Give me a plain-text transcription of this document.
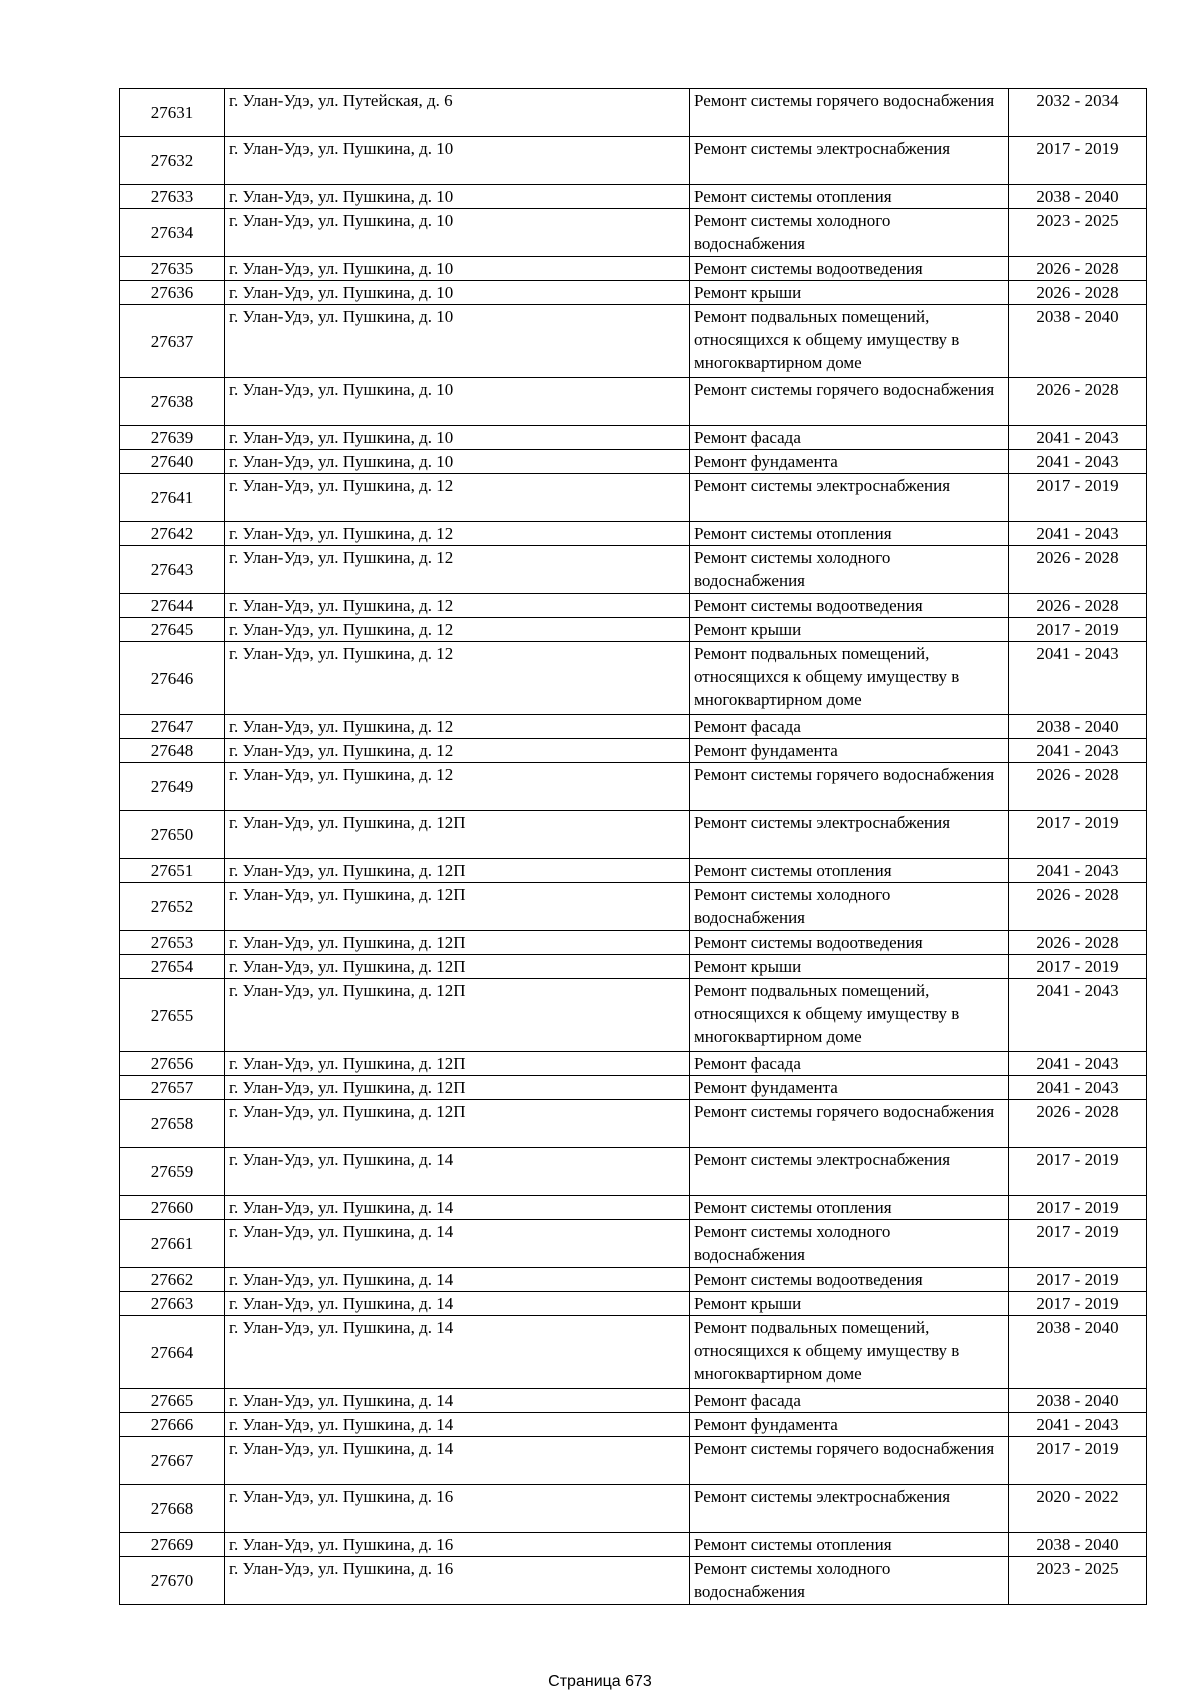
27631	г. Улан-Удэ, ул. Путейская, д. 6	Ремонт системы горячего водоснабжения	2032 - 2034
27632	г. Улан-Удэ, ул. Пушкина, д. 10	Ремонт системы электроснабжения	2017 - 2019
27633	г. Улан-Удэ, ул. Пушкина, д. 10	Ремонт системы отопления	2038 - 2040
27634	г. Улан-Удэ, ул. Пушкина, д. 10	Ремонт системы холодного водоснабжения	2023 - 2025
27635	г. Улан-Удэ, ул. Пушкина, д. 10	Ремонт системы водоотведения	2026 - 2028
27636	г. Улан-Удэ, ул. Пушкина, д. 10	Ремонт крыши	2026 - 2028
27637	г. Улан-Удэ, ул. Пушкина, д. 10	Ремонт подвальных помещений, относящихся к общему имуществу в многоквартирном доме	2038 - 2040
27638	г. Улан-Удэ, ул. Пушкина, д. 10	Ремонт системы горячего водоснабжения	2026 - 2028
27639	г. Улан-Удэ, ул. Пушкина, д. 10	Ремонт фасада	2041 - 2043
27640	г. Улан-Удэ, ул. Пушкина, д. 10	Ремонт фундамента	2041 - 2043
27641	г. Улан-Удэ, ул. Пушкина, д. 12	Ремонт системы электроснабжения	2017 - 2019
27642	г. Улан-Удэ, ул. Пушкина, д. 12	Ремонт системы отопления	2041 - 2043
27643	г. Улан-Удэ, ул. Пушкина, д. 12	Ремонт системы холодного водоснабжения	2026 - 2028
27644	г. Улан-Удэ, ул. Пушкина, д. 12	Ремонт системы водоотведения	2026 - 2028
27645	г. Улан-Удэ, ул. Пушкина, д. 12	Ремонт крыши	2017 - 2019
27646	г. Улан-Удэ, ул. Пушкина, д. 12	Ремонт подвальных помещений, относящихся к общему имуществу в многоквартирном доме	2041 - 2043
27647	г. Улан-Удэ, ул. Пушкина, д. 12	Ремонт фасада	2038 - 2040
27648	г. Улан-Удэ, ул. Пушкина, д. 12	Ремонт фундамента	2041 - 2043
27649	г. Улан-Удэ, ул. Пушкина, д. 12	Ремонт системы горячего водоснабжения	2026 - 2028
27650	г. Улан-Удэ, ул. Пушкина, д. 12П	Ремонт системы электроснабжения	2017 - 2019
27651	г. Улан-Удэ, ул. Пушкина, д. 12П	Ремонт системы отопления	2041 - 2043
27652	г. Улан-Удэ, ул. Пушкина, д. 12П	Ремонт системы холодного водоснабжения	2026 - 2028
27653	г. Улан-Удэ, ул. Пушкина, д. 12П	Ремонт системы водоотведения	2026 - 2028
27654	г. Улан-Удэ, ул. Пушкина, д. 12П	Ремонт крыши	2017 - 2019
27655	г. Улан-Удэ, ул. Пушкина, д. 12П	Ремонт подвальных помещений, относящихся к общему имуществу в многоквартирном доме	2041 - 2043
27656	г. Улан-Удэ, ул. Пушкина, д. 12П	Ремонт фасада	2041 - 2043
27657	г. Улан-Удэ, ул. Пушкина, д. 12П	Ремонт фундамента	2041 - 2043
27658	г. Улан-Удэ, ул. Пушкина, д. 12П	Ремонт системы горячего водоснабжения	2026 - 2028
27659	г. Улан-Удэ, ул. Пушкина, д. 14	Ремонт системы электроснабжения	2017 - 2019
27660	г. Улан-Удэ, ул. Пушкина, д. 14	Ремонт системы отопления	2017 - 2019
27661	г. Улан-Удэ, ул. Пушкина, д. 14	Ремонт системы холодного водоснабжения	2017 - 2019
27662	г. Улан-Удэ, ул. Пушкина, д. 14	Ремонт системы водоотведения	2017 - 2019
27663	г. Улан-Удэ, ул. Пушкина, д. 14	Ремонт крыши	2017 - 2019
27664	г. Улан-Удэ, ул. Пушкина, д. 14	Ремонт подвальных помещений, относящихся к общему имуществу в многоквартирном доме	2038 - 2040
27665	г. Улан-Удэ, ул. Пушкина, д. 14	Ремонт фасада	2038 - 2040
27666	г. Улан-Удэ, ул. Пушкина, д. 14	Ремонт фундамента	2041 - 2043
27667	г. Улан-Удэ, ул. Пушкина, д. 14	Ремонт системы горячего водоснабжения	2017 - 2019
27668	г. Улан-Удэ, ул. Пушкина, д. 16	Ремонт системы электроснабжения	2020 - 2022
27669	г. Улан-Удэ, ул. Пушкина, д. 16	Ремонт системы отопления	2038 - 2040
27670	г. Улан-Удэ, ул. Пушкина, д. 16	Ремонт системы холодного водоснабжения	2023 - 2025
Страница 673
